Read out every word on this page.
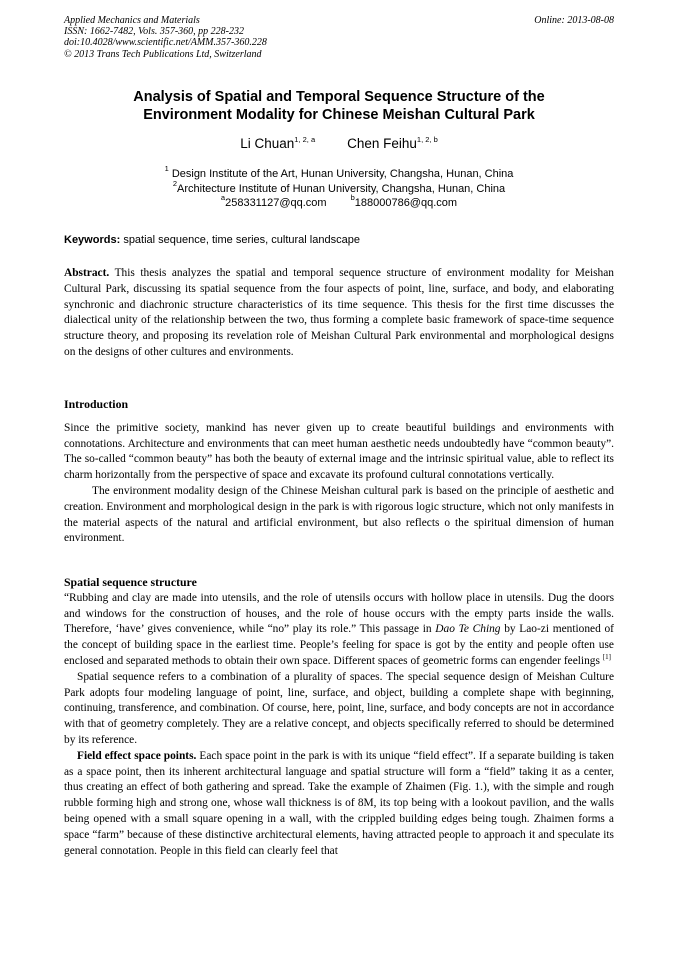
Applied Mechanics and Materials
ISSN: 1662-7482, Vols. 357-360, pp 228-232
doi:10.4028/www.scientific.net/AMM.357-360.228
© 2013 Trans Tech Publications Ltd, Switzerland
Online: 2013-08-08
Analysis of Spatial and Temporal Sequence Structure of the
Environment Modality for Chinese Meishan Cultural Park
Li Chuan$^{1, 2, a}$ Chen Feihu$^{1, 2, b}$
$^1$ Design Institute of the Art, Hunan University, Changsha, Hunan, China
$^2$Architecture Institute of Hunan University, Changsha, Hunan, China
$^a$258331127@qq.com	$^b$188000786@qq.com
Keywords: spatial sequence, time series, cultural landscape

Abstract. This thesis analyzes the spatial and temporal sequence structure of environment modality for Meishan Cultural Park, discussing its spatial sequence from the four aspects of point, line, surface, and body, and elaborating synchronic and diachronic structure characteristics of its time sequence. This thesis for the first time discusses the dialectical unity of the relationship between the two, thus forming a complete basic framework of space-time sequence structure theory, and proposing its revelation role of Meishan Cultural Park environmental and morphological designs on the designs of other cultures and environments.

Introduction

Since the primitive society, mankind has never given up to create beautiful buildings and environments with connotations. Architecture and environments that can meet human aesthetic needs undoubtedly have “common beauty”. The so-called “common beauty” has both the beauty of external image and the intrinsic spiritual value, able to reflect its charm horizontally from the perspective of space and excavate its profound cultural connotations vertically.

The environment modality design of the Chinese Meishan cultural park is based on the principle of aesthetic and creation. Environment and morphological design in the park is with rigorous logic structure, which not only manifests in the material aspects of the natural and artificial environment, but also reflects o the spiritual dimension of human environment.

Spatial sequence structure

“Rubbing and clay are made into utensils, and the role of utensils occurs with hollow place in utensils. Dug the doors and windows for the construction of houses, and the role of house occurs with the empty parts inside the walls. Therefore, ‘have’ gives convenience, while “no” play its role.” This passage in Dao Te Ching by Lao-zi mentioned of the concept of building space in the earliest time. People’s feeling for space is got by the entity and people often use enclosed and separated methods to obtain their own space. Different spaces of geometric forms can engender feelings [1]

Spatial sequence refers to a combination of a plurality of spaces. The special sequence design of Meishan Culture Park adopts four modeling language of point, line, surface, and object, building a complete shape with beginning, continuing, transference, and combination. Of course, here, point, line, surface, and body concepts are not in accordance with that of geometry completely. They are a relative concept, and objects specifically referred to should be determined by its reference.

Field effect space points. Each space point in the park is with its unique “field effect”. If a separate building is taken as a space point, then its inherent architectural language and spatial structure will form a “field” taking it as a center, thus creating an effect of both gathering and spread. Take the example of Zhaimen (Fig. 1.), with the simple and rough rubble forming high and strong one, whose wall thickness is of 8M, its top being with a lookout pavilion, and the walls being opened with a small square opening in a wall, with the crippled building edges being tough. Zhaimen forms a space “farm” because of these distinctive architectural elements, having attracted people to approach it and speculate its general connotation. People in this field can clearly feel that
